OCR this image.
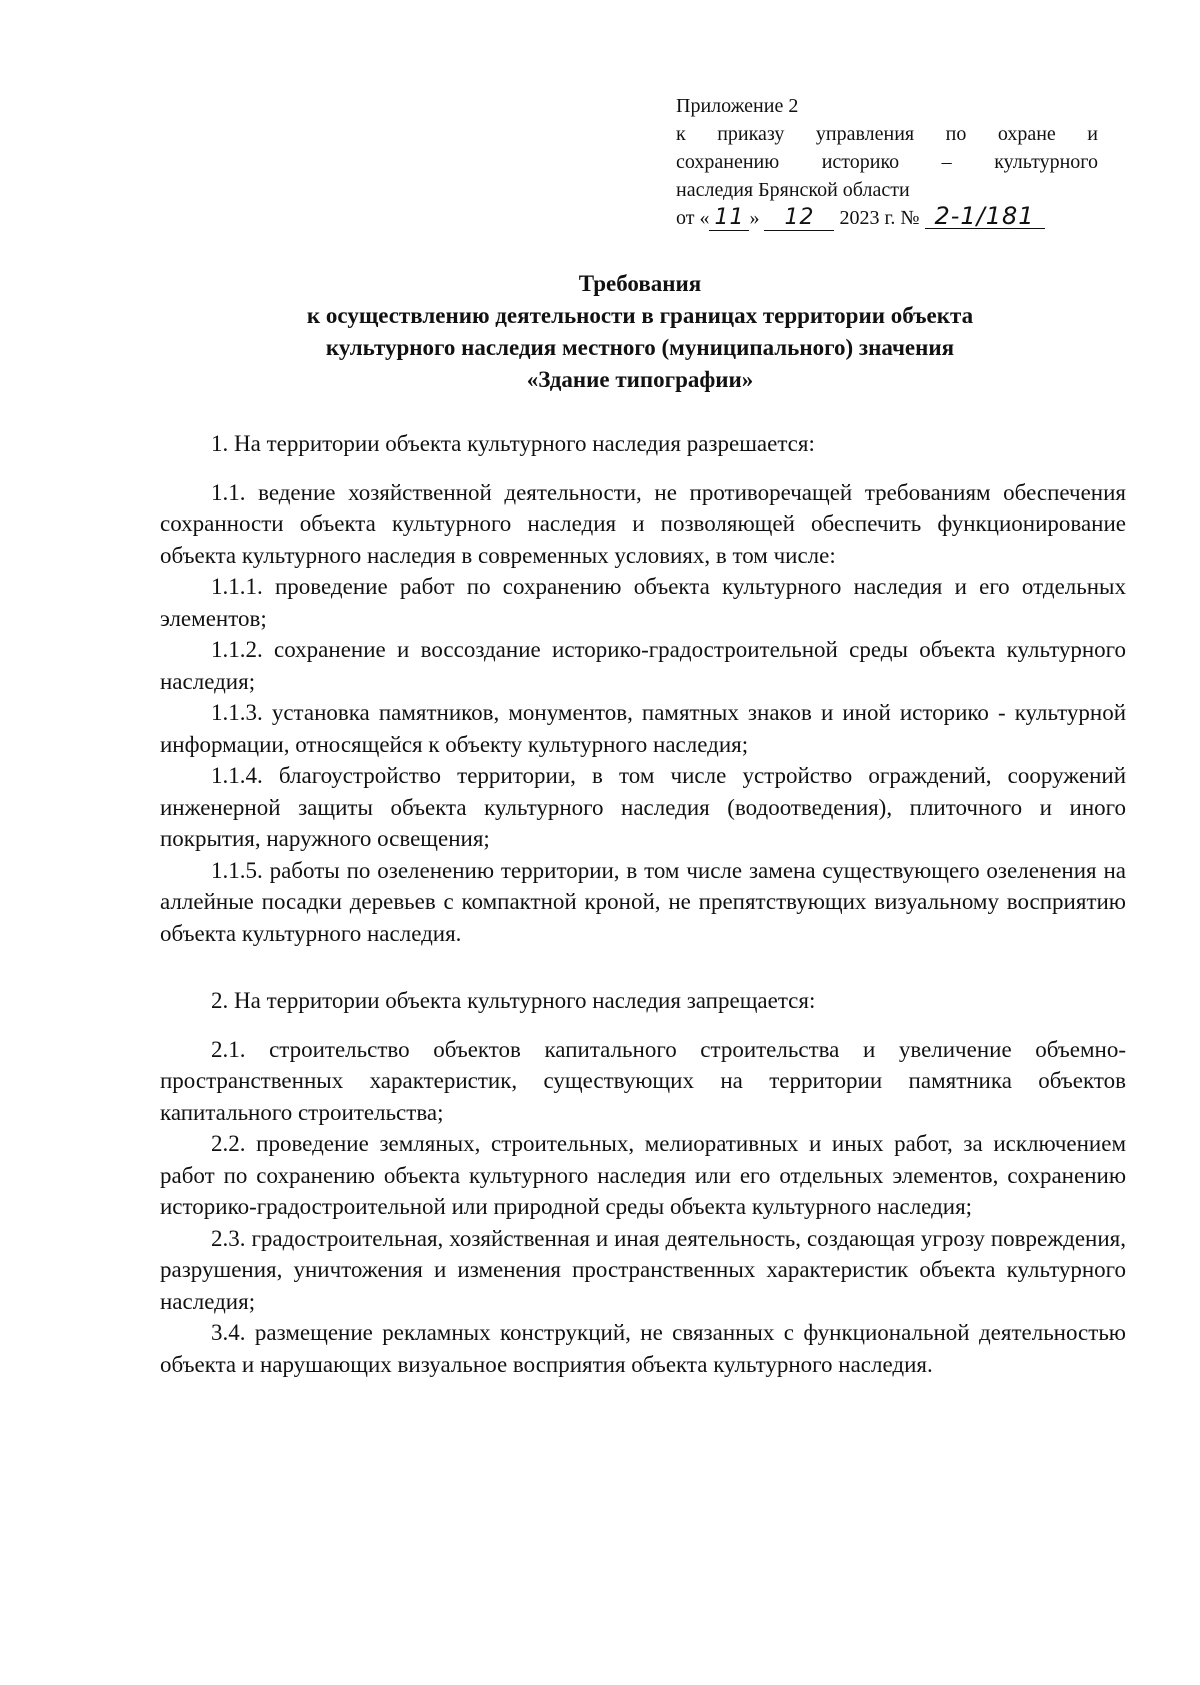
Приложение 2
к приказу управления по охране и
сохранению историко – культурного
наследия Брянской области
от « 11 » 12 2023 г. № 2-1/181
Требования
к осуществлению деятельности в границах территории объекта
культурного наследия местного (муниципального) значения
«Здание типографии»

1. На территории объекта культурного наследия разрешается:

1.1. ведение хозяйственной деятельности, не противоречащей требованиям обеспечения сохранности объекта культурного наследия и позволяющей обеспечить функционирование объекта культурного наследия в современных условиях, в том числе:

1.1.1. проведение работ по сохранению объекта культурного наследия и его отдельных элементов;

1.1.2. сохранение и воссоздание историко-градостроительной среды объекта культурного наследия;

1.1.3. установка памятников, монументов, памятных знаков и иной историко - культурной информации, относящейся к объекту культурного наследия;

1.1.4. благоустройство территории, в том числе устройство ограждений, сооружений инженерной защиты объекта культурного наследия (водоотведения), плиточного и иного покрытия, наружного освещения;

1.1.5. работы по озеленению территории, в том числе замена существующего озеленения на аллейные посадки деревьев с компактной кроной, не препятствующих визуальному восприятию объекта культурного наследия.

2. На территории объекта культурного наследия запрещается:

2.1. строительство объектов капитального строительства и увеличение объемно-пространственных характеристик, существующих на территории памятника объектов капитального строительства;

2.2. проведение земляных, строительных, мелиоративных и иных работ, за исключением работ по сохранению объекта культурного наследия или его отдельных элементов, сохранению историко-градостроительной или природной среды объекта культурного наследия;

2.3. градостроительная, хозяйственная и иная деятельность, создающая угрозу повреждения, разрушения, уничтожения и изменения пространственных характеристик объекта культурного наследия;

3.4. размещение рекламных конструкций, не связанных с функциональной деятельностью объекта и нарушающих визуальное восприятия объекта культурного наследия.
